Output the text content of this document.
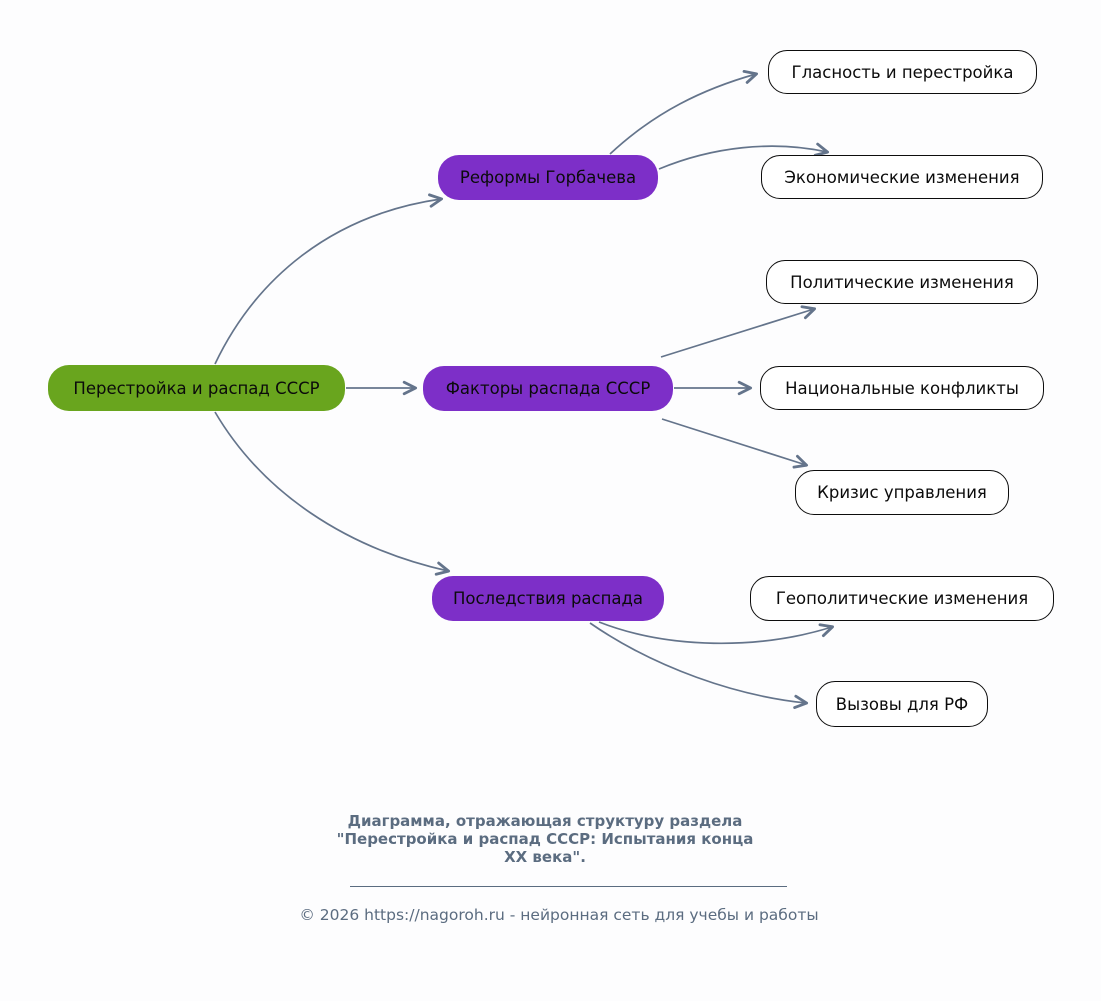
Перестройка и распад СССР
Реформы Горбачева
Факторы распада СССР
Последствия распада
Гласность и перестройка
Экономические изменения
Политические изменения
Национальные конфликты
Кризис управления
Геополитические изменения
Вызовы для РФ
Диаграмма, отражающая структуру раздела
"Перестройка и распад СССР: Испытания конца
XX века".
© 2026 https://nagoroh.ru - нейронная сеть для учебы и работы
